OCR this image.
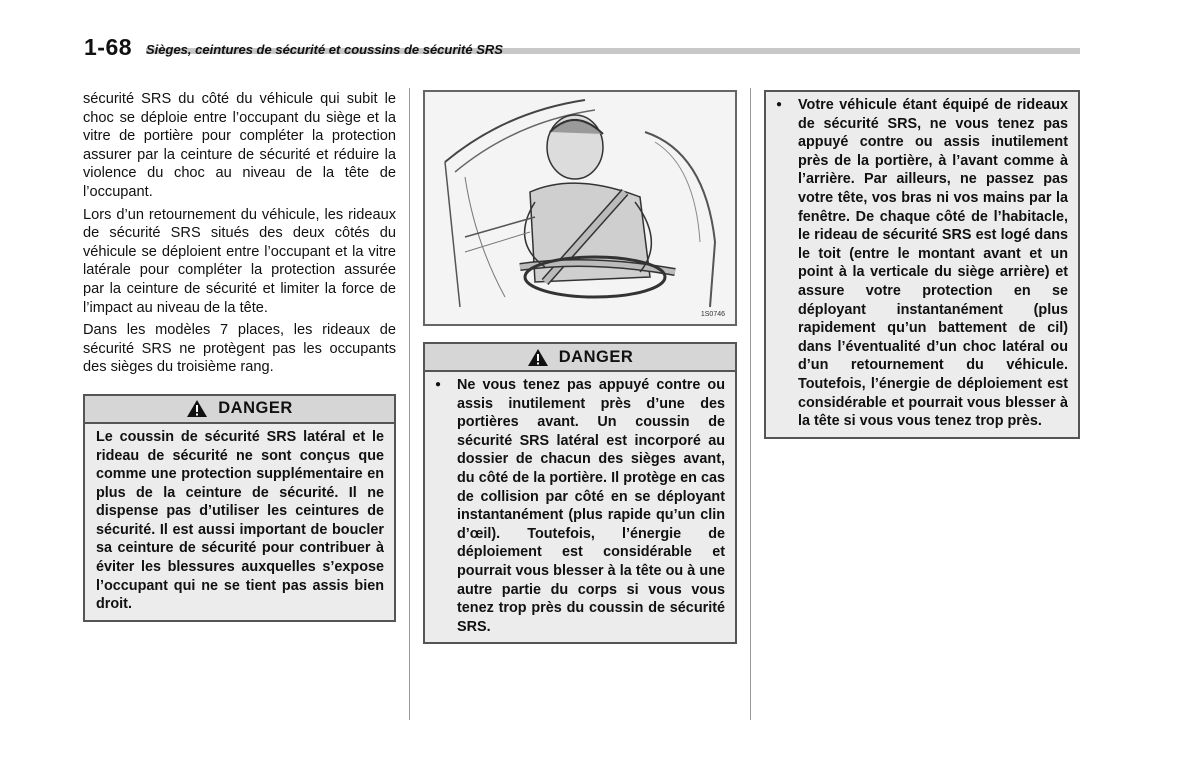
1-68 Sièges, ceintures de sécurité et coussins de sécurité SRS

sécurité SRS du côté du véhicule qui subit le choc se déploie entre l’occupant du siège et la vitre de portière pour compléter la protection assurer par la ceinture de sécurité et réduire la violence du choc au niveau de la tête de l’occupant.

Lors d’un retournement du véhicule, les rideaux de sécurité SRS situés des deux côtés du véhicule se déploient entre l’occupant et la vitre latérale pour compléter la protection assurée par la ceinture de sécurité et limiter la force de l’impact au niveau de la tête.

Dans les modèles 7 places, les rideaux de sécurité SRS ne protègent pas les occupants des sièges du troisième rang.

DANGER
Le coussin de sécurité SRS latéral et le rideau de sécurité ne sont conçus que comme une protection supplémentaire en plus de la ceinture de sécurité. Il ne dispense pas d’utiliser les ceintures de sécurité. Il est aussi important de boucler sa ceinture de sécurité pour contribuer à éviter les blessures auxquelles s’expose l’occupant qui ne se tient pas assis bien droit.
1S0746
DANGER
●	Ne vous tenez pas appuyé contre ou assis inutilement près d’une des portières avant. Un coussin de sécurité SRS latéral est incorporé au dossier de chacun des sièges avant, du côté de la portière. Il protège en cas de collision par côté en se déployant instantanément (plus rapide qu’un clin d’œil). Toutefois, l’énergie de déploiement est considérable et pourrait vous blesser à la tête ou à une autre partie du corps si vous vous tenez trop près du coussin de sécurité SRS.
●	Votre véhicule étant équipé de rideaux de sécurité SRS, ne vous tenez pas appuyé contre ou assis inutilement près de la portière, à l’avant comme à l’arrière. Par ailleurs, ne passez pas votre tête, vos bras ni vos mains par la fenêtre. De chaque côté de l’habitacle, le rideau de sécurité SRS est logé dans le toit (entre le montant avant et un point à la verticale du siège arrière) et assure votre protection en se déployant instantanément (plus rapidement qu’un battement de cil) dans l’éventualité d’un choc latéral ou d’un retournement du véhicule. Toutefois, l’énergie de déploiement est considérable et pourrait vous blesser à la tête si vous vous tenez trop près.
